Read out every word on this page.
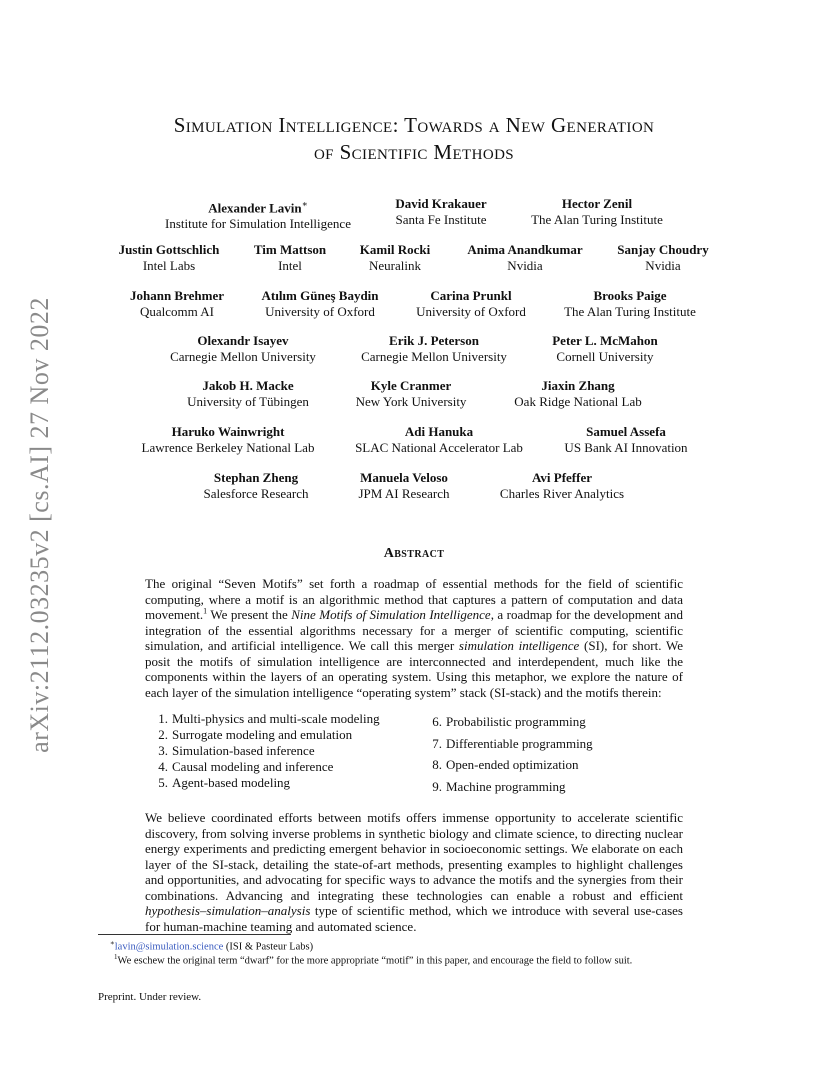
arXiv:2112.03235v2 [cs.AI] 27 Nov 2022
Simulation Intelligence: Towards a New Generation
of Scientific Methods
Alexander Lavin∗
Institute for Simulation Intelligence
David Krakauer
Santa Fe Institute
Hector Zenil
The Alan Turing Institute
Justin Gottschlich
Intel Labs
Tim Mattson
Intel
Kamil Rocki
Neuralink
Anima Anandkumar
Nvidia
Sanjay Choudry
Nvidia
Johann Brehmer
Qualcomm AI
Atılım Güneş Baydin
University of Oxford
Carina Prunkl
University of Oxford
Brooks Paige
The Alan Turing Institute
Olexandr Isayev
Carnegie Mellon University
Erik J. Peterson
Carnegie Mellon University
Peter L. McMahon
Cornell University
Jakob H. Macke
University of Tübingen
Kyle Cranmer
New York University
Jiaxin Zhang
Oak Ridge National Lab
Haruko Wainwright
Lawrence Berkeley National Lab
Adi Hanuka
SLAC National Accelerator Lab
Samuel Assefa
US Bank AI Innovation
Stephan Zheng
Salesforce Research
Manuela Veloso
JPM AI Research
Avi Pfeffer
Charles River Analytics
Abstract
The original “Seven Motifs” set forth a roadmap of essential methods for the field of scientific computing, where a motif is an algorithmic method that captures a pattern of computation and data movement.$^1$ We present the Nine Motifs of Simulation Intelligence, a roadmap for the development and integration of the essential algorithms necessary for a merger of scientific computing, scientific simulation, and artificial intelligence. We call this merger simulation intelligence (SI), for short. We posit the motifs of simulation intelligence are interconnected and interdependent, much like the components within the layers of an operating system. Using this metaphor, we explore the nature of each layer of the simulation intelligence “operating system” stack (SI-stack) and the motifs therein:
1. Multi-physics and multi-scale modeling
2. Surrogate modeling and emulation
3. Simulation-based inference
4. Causal modeling and inference
5. Agent-based modeling
6. Probabilistic programming
7. Differentiable programming
8. Open-ended optimization
9. Machine programming
We believe coordinated efforts between motifs offers immense opportunity to accelerate scientific discovery, from solving inverse problems in synthetic biology and climate science, to directing nuclear energy experiments and predicting emergent behavior in socioeconomic settings. We elaborate on each layer of the SI-stack, detailing the state-of-art methods, presenting examples to highlight challenges and opportunities, and advocating for specific ways to advance the motifs and the synergies from their combinations. Advancing and integrating these technologies can enable a robust and efficient hypothesis–simulation–analysis type of scientific method, which we introduce with several use-cases for human-machine teaming and automated science.
∗lavin@simulation.science (ISI & Pasteur Labs)
$^1$We eschew the original term “dwarf” for the more appropriate “motif” in this paper, and encourage the field to follow suit.
Preprint. Under review.
